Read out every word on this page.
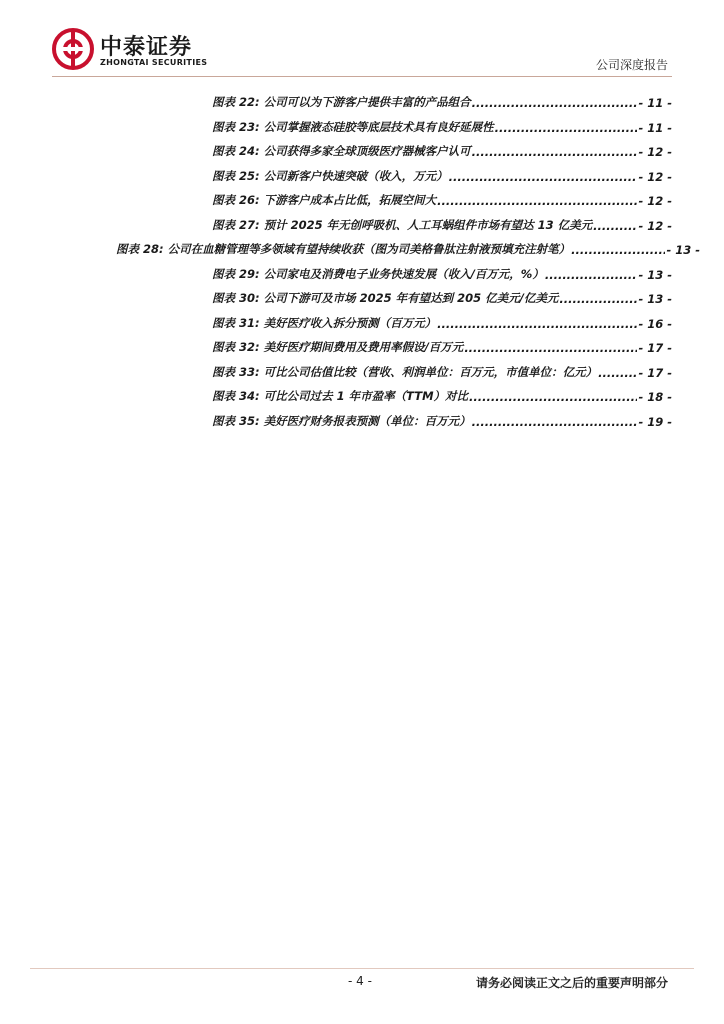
中泰证券
ZHONGTAI SECURITIES	公司深度报告
图表 22: 公司可以为下游客户提供丰富的产品组合 .....	- 11 -
图表 23: 公司掌握液态硅胶等底层技术具有良好延展性 .....	- 11 -
图表 24: 公司获得多家全球顶级医疗器械客户认可 .....	- 12 -
图表 25: 公司新客户快速突破（收入，万元） .....	- 12 -
图表 26: 下游客户成本占比低，拓展空间大 .....	- 12 -
图表 27: 预计 2025 年无创呼吸机、人工耳蜗组件市场有望达 13 亿美元 .....	- 12 -
图表 28: 公司在血糖管理等多领域有望持续收获（图为司美格鲁肽注射液预填充注射笔） .....	- 13 -
图表 29: 公司家电及消费电子业务快速发展（收入/百万元，%） .....	- 13 -
图表 30: 公司下游可及市场 2025 年有望达到 205 亿美元/亿美元 .....	- 13 -
图表 31: 美好医疗收入拆分预测（百万元） .....	- 16 -
图表 32: 美好医疗期间费用及费用率假设/百万元 .....	- 17 -
图表 33: 可比公司估值比较（营收、利润单位：百万元，市值单位：亿元） .....	- 17 -
图表 34: 可比公司过去 1 年市盈率（TTM）对比 .....	- 18 -
图表 35: 美好医疗财务报表预测（单位：百万元） .....	- 19 -
- 4 -	请务必阅读正文之后的重要声明部分
